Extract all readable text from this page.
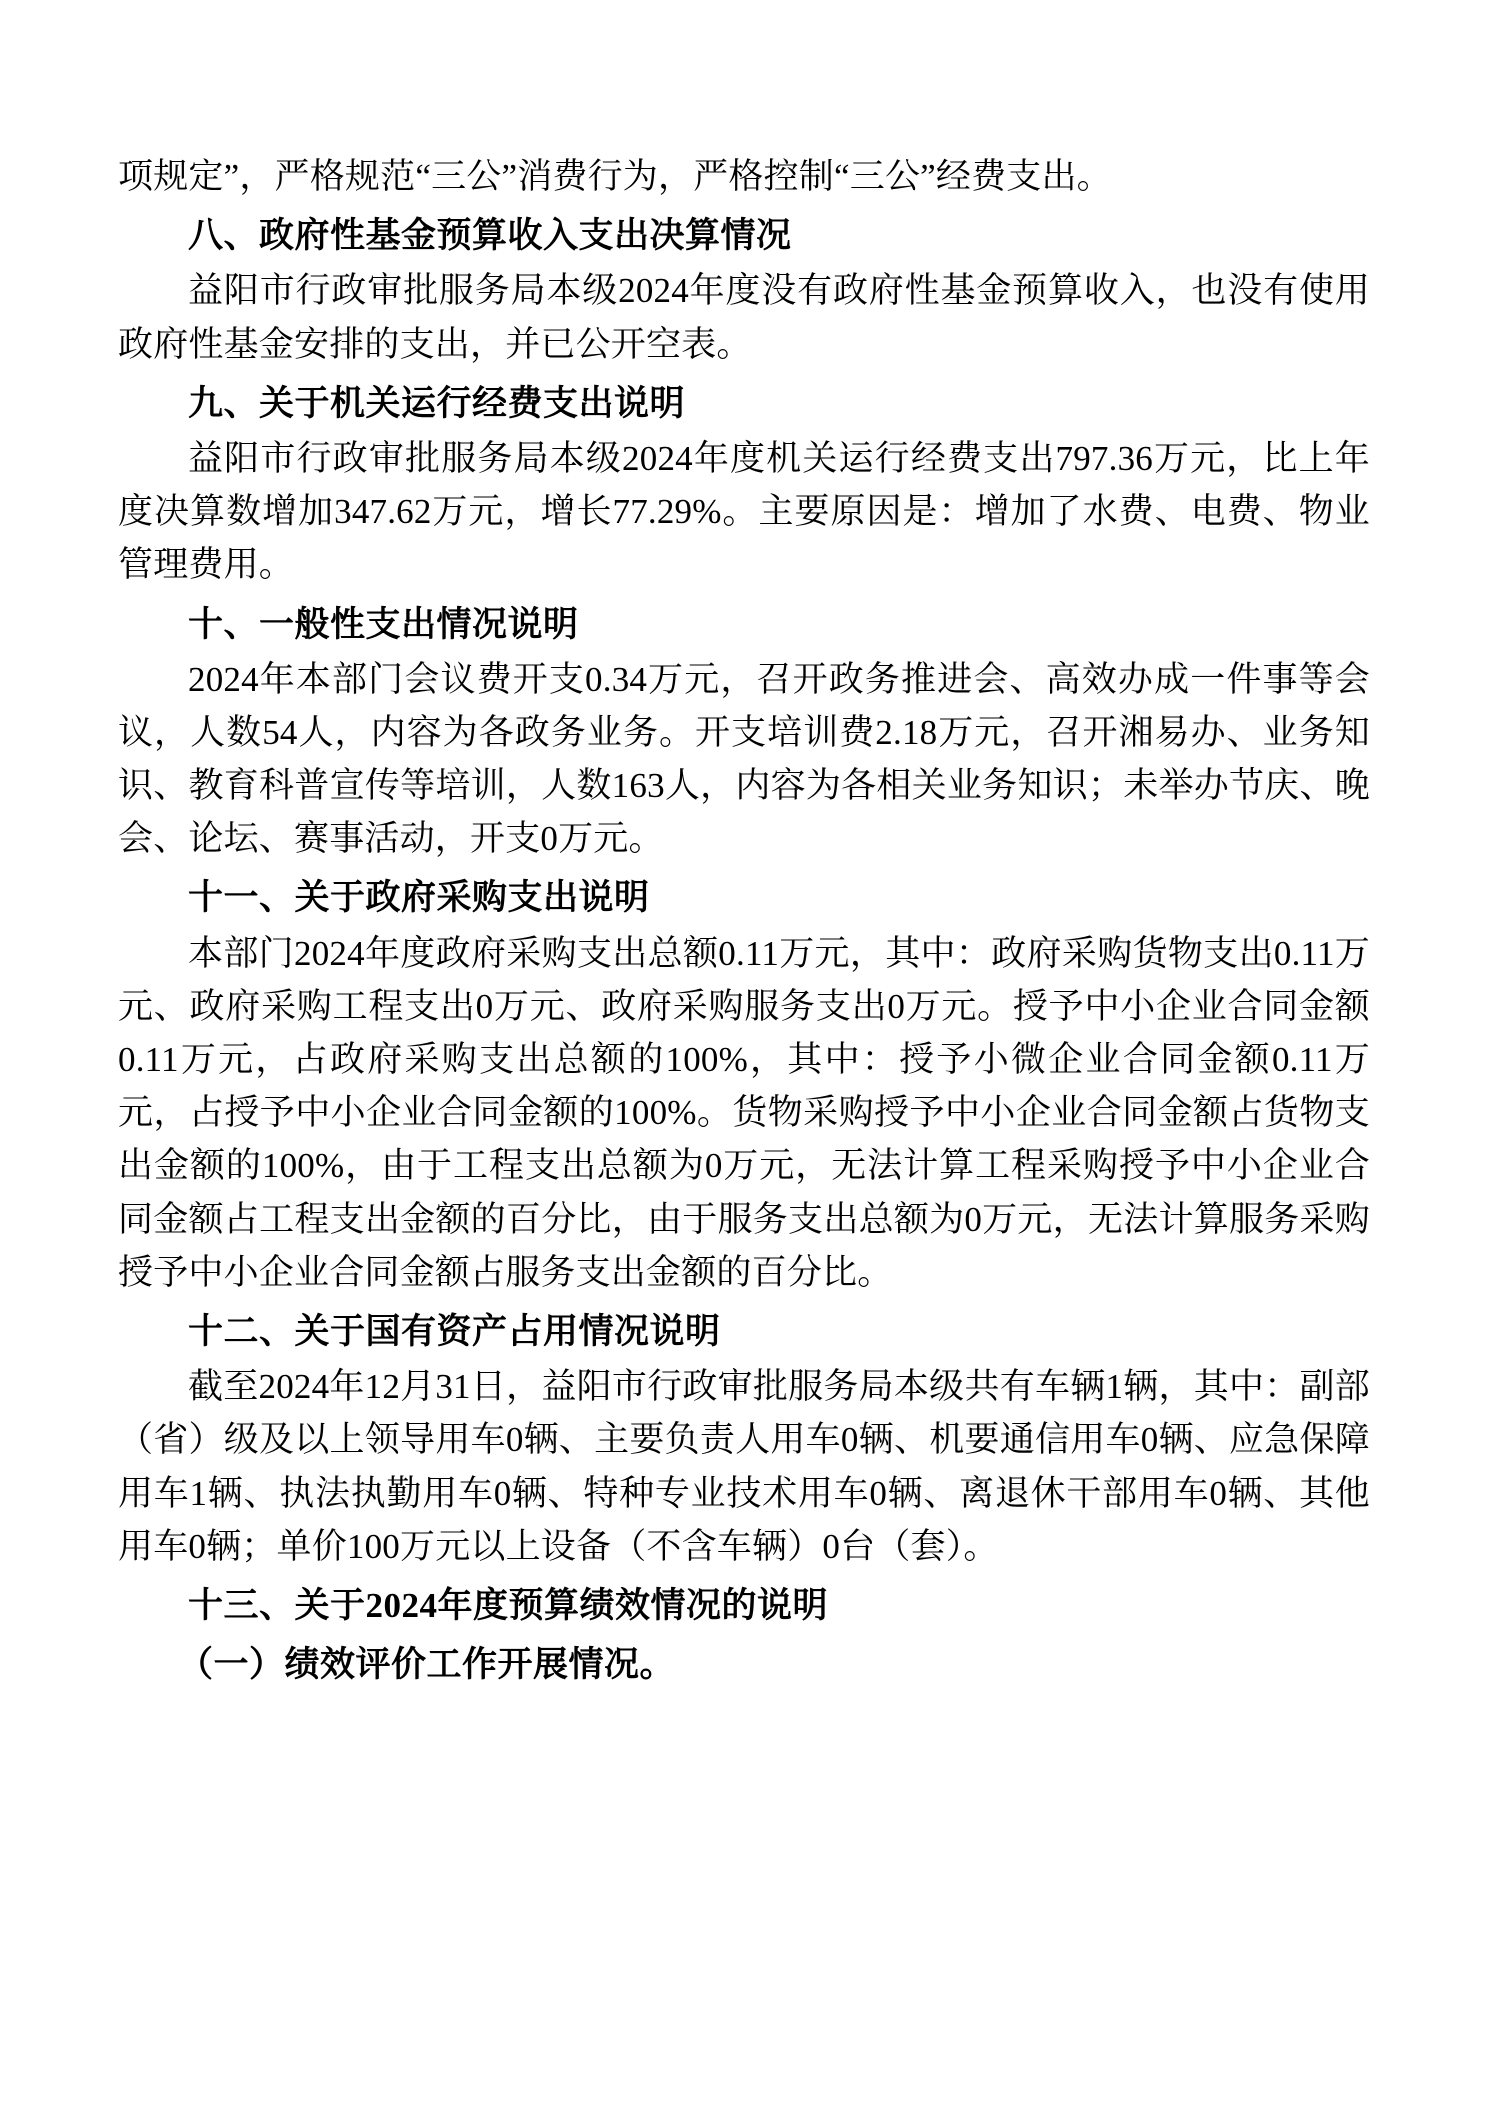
项规定”，严格规范“三公”消费行为，严格控制“三公”经费支出。

八、政府性基金预算收入支出决算情况

益阳市行政审批服务局本级2024年度没有政府性基金预算收入，也没有使用政府性基金安排的支出，并已公开空表。

九、关于机关运行经费支出说明

益阳市行政审批服务局本级2024年度机关运行经费支出797.36万元，比上年度决算数增加347.62万元，增长77.29%。主要原因是：增加了水费、电费、物业管理费用。

十、一般性支出情况说明

2024年本部门会议费开支0.34万元，召开政务推进会、高效办成一件事等会议，人数54人，内容为各政务业务。开支培训费2.18万元，召开湘易办、业务知识、教育科普宣传等培训，人数163人，内容为各相关业务知识；未举办节庆、晚会、论坛、赛事活动，开支0万元。

十一、关于政府采购支出说明

本部门2024年度政府采购支出总额0.11万元，其中：政府采购货物支出0.11万元、政府采购工程支出0万元、政府采购服务支出0万元。授予中小企业合同金额0.11万元，占政府采购支出总额的100%，其中：授予小微企业合同金额0.11万元，占授予中小企业合同金额的100%。货物采购授予中小企业合同金额占货物支出金额的100%，由于工程支出总额为0万元，无法计算工程采购授予中小企业合同金额占工程支出金额的百分比，由于服务支出总额为0万元，无法计算服务采购授予中小企业合同金额占服务支出金额的百分比。

十二、关于国有资产占用情况说明

截至2024年12月31日，益阳市行政审批服务局本级共有车辆1辆，其中：副部（省）级及以上领导用车0辆、主要负责人用车0辆、机要通信用车0辆、应急保障用车1辆、执法执勤用车0辆、特种专业技术用车0辆、离退休干部用车0辆、其他用车0辆；单价100万元以上设备（不含车辆）0台（套）。

十三、关于2024年度预算绩效情况的说明

（一）绩效评价工作开展情况。
